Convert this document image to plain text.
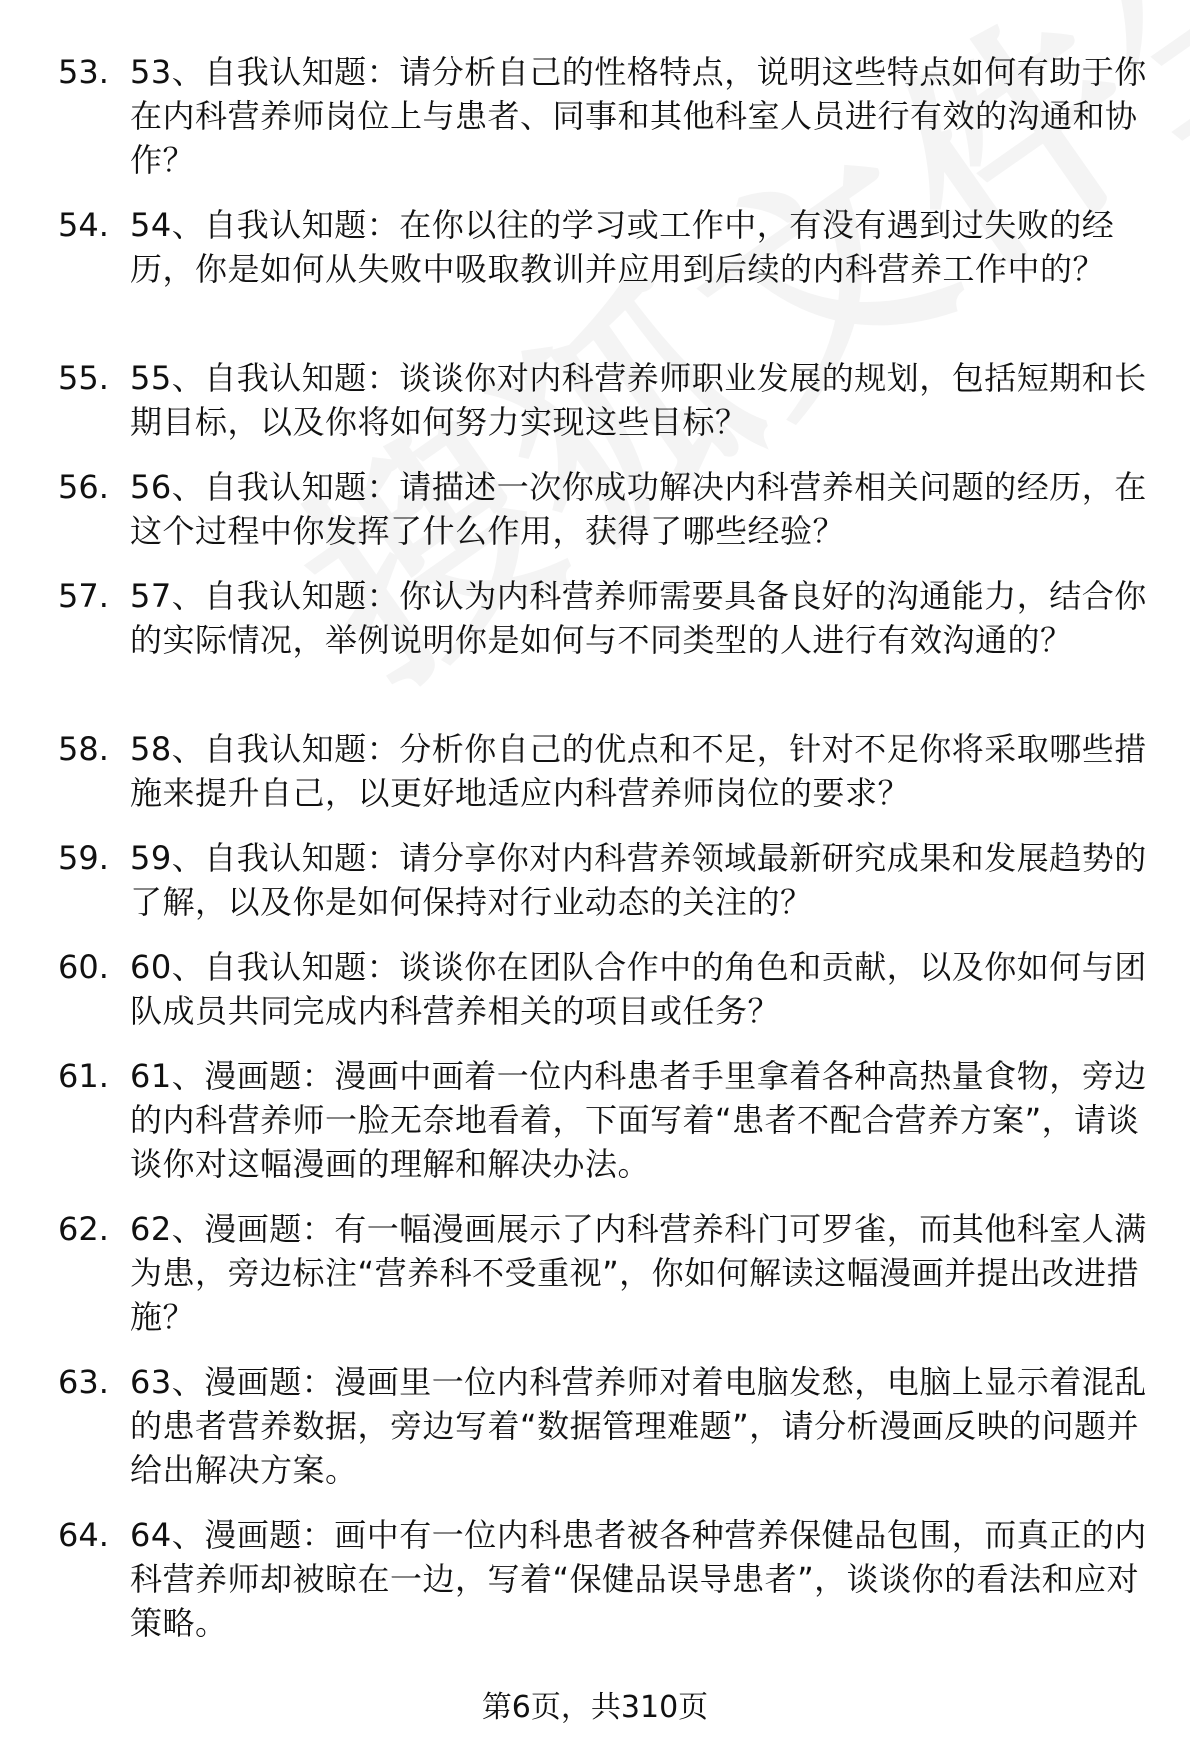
53. 53、自我认知题：请分析自己的性格特点，说明这些特点如何有助于你在内科营养师岗位上与患者、同事和其他科室人员进行有效的沟通和协作？
54. 54、自我认知题：在你以往的学习或工作中，有没有遇到过失败的经历，你是如何从失败中吸取教训并应用到后续的内科营养工作中的？
55. 55、自我认知题：谈谈你对内科营养师职业发展的规划，包括短期和长期目标，以及你将如何努力实现这些目标？
56. 56、自我认知题：请描述一次你成功解决内科营养相关问题的经历，在这个过程中你发挥了什么作用，获得了哪些经验？
57. 57、自我认知题：你认为内科营养师需要具备良好的沟通能力，结合你的实际情况，举例说明你是如何与不同类型的人进行有效沟通的？
58. 58、自我认知题：分析你自己的优点和不足，针对不足你将采取哪些措施来提升自己，以更好地适应内科营养师岗位的要求？
59. 59、自我认知题：请分享你对内科营养领域最新研究成果和发展趋势的了解，以及你是如何保持对行业动态的关注的？
60. 60、自我认知题：谈谈你在团队合作中的角色和贡献，以及你如何与团队成员共同完成内科营养相关的项目或任务？
61. 61、漫画题：漫画中画着一位内科患者手里拿着各种高热量食物，旁边的内科营养师一脸无奈地看着，下面写着“患者不配合营养方案”，请谈谈你对这幅漫画的理解和解决办法。
62. 62、漫画题：有一幅漫画展示了内科营养科门可罗雀，而其他科室人满为患，旁边标注“营养科不受重视”，你如何解读这幅漫画并提出改进措施？
63. 63、漫画题：漫画里一位内科营养师对着电脑发愁，电脑上显示着混乱的患者营养数据，旁边写着“数据管理难题”，请分析漫画反映的问题并给出解决方案。
64. 64、漫画题：画中有一位内科患者被各种营养保健品包围，而真正的内科营养师却被晾在一边，写着“保健品误导患者”，谈谈你的看法和应对策略。
第6页，共310页
